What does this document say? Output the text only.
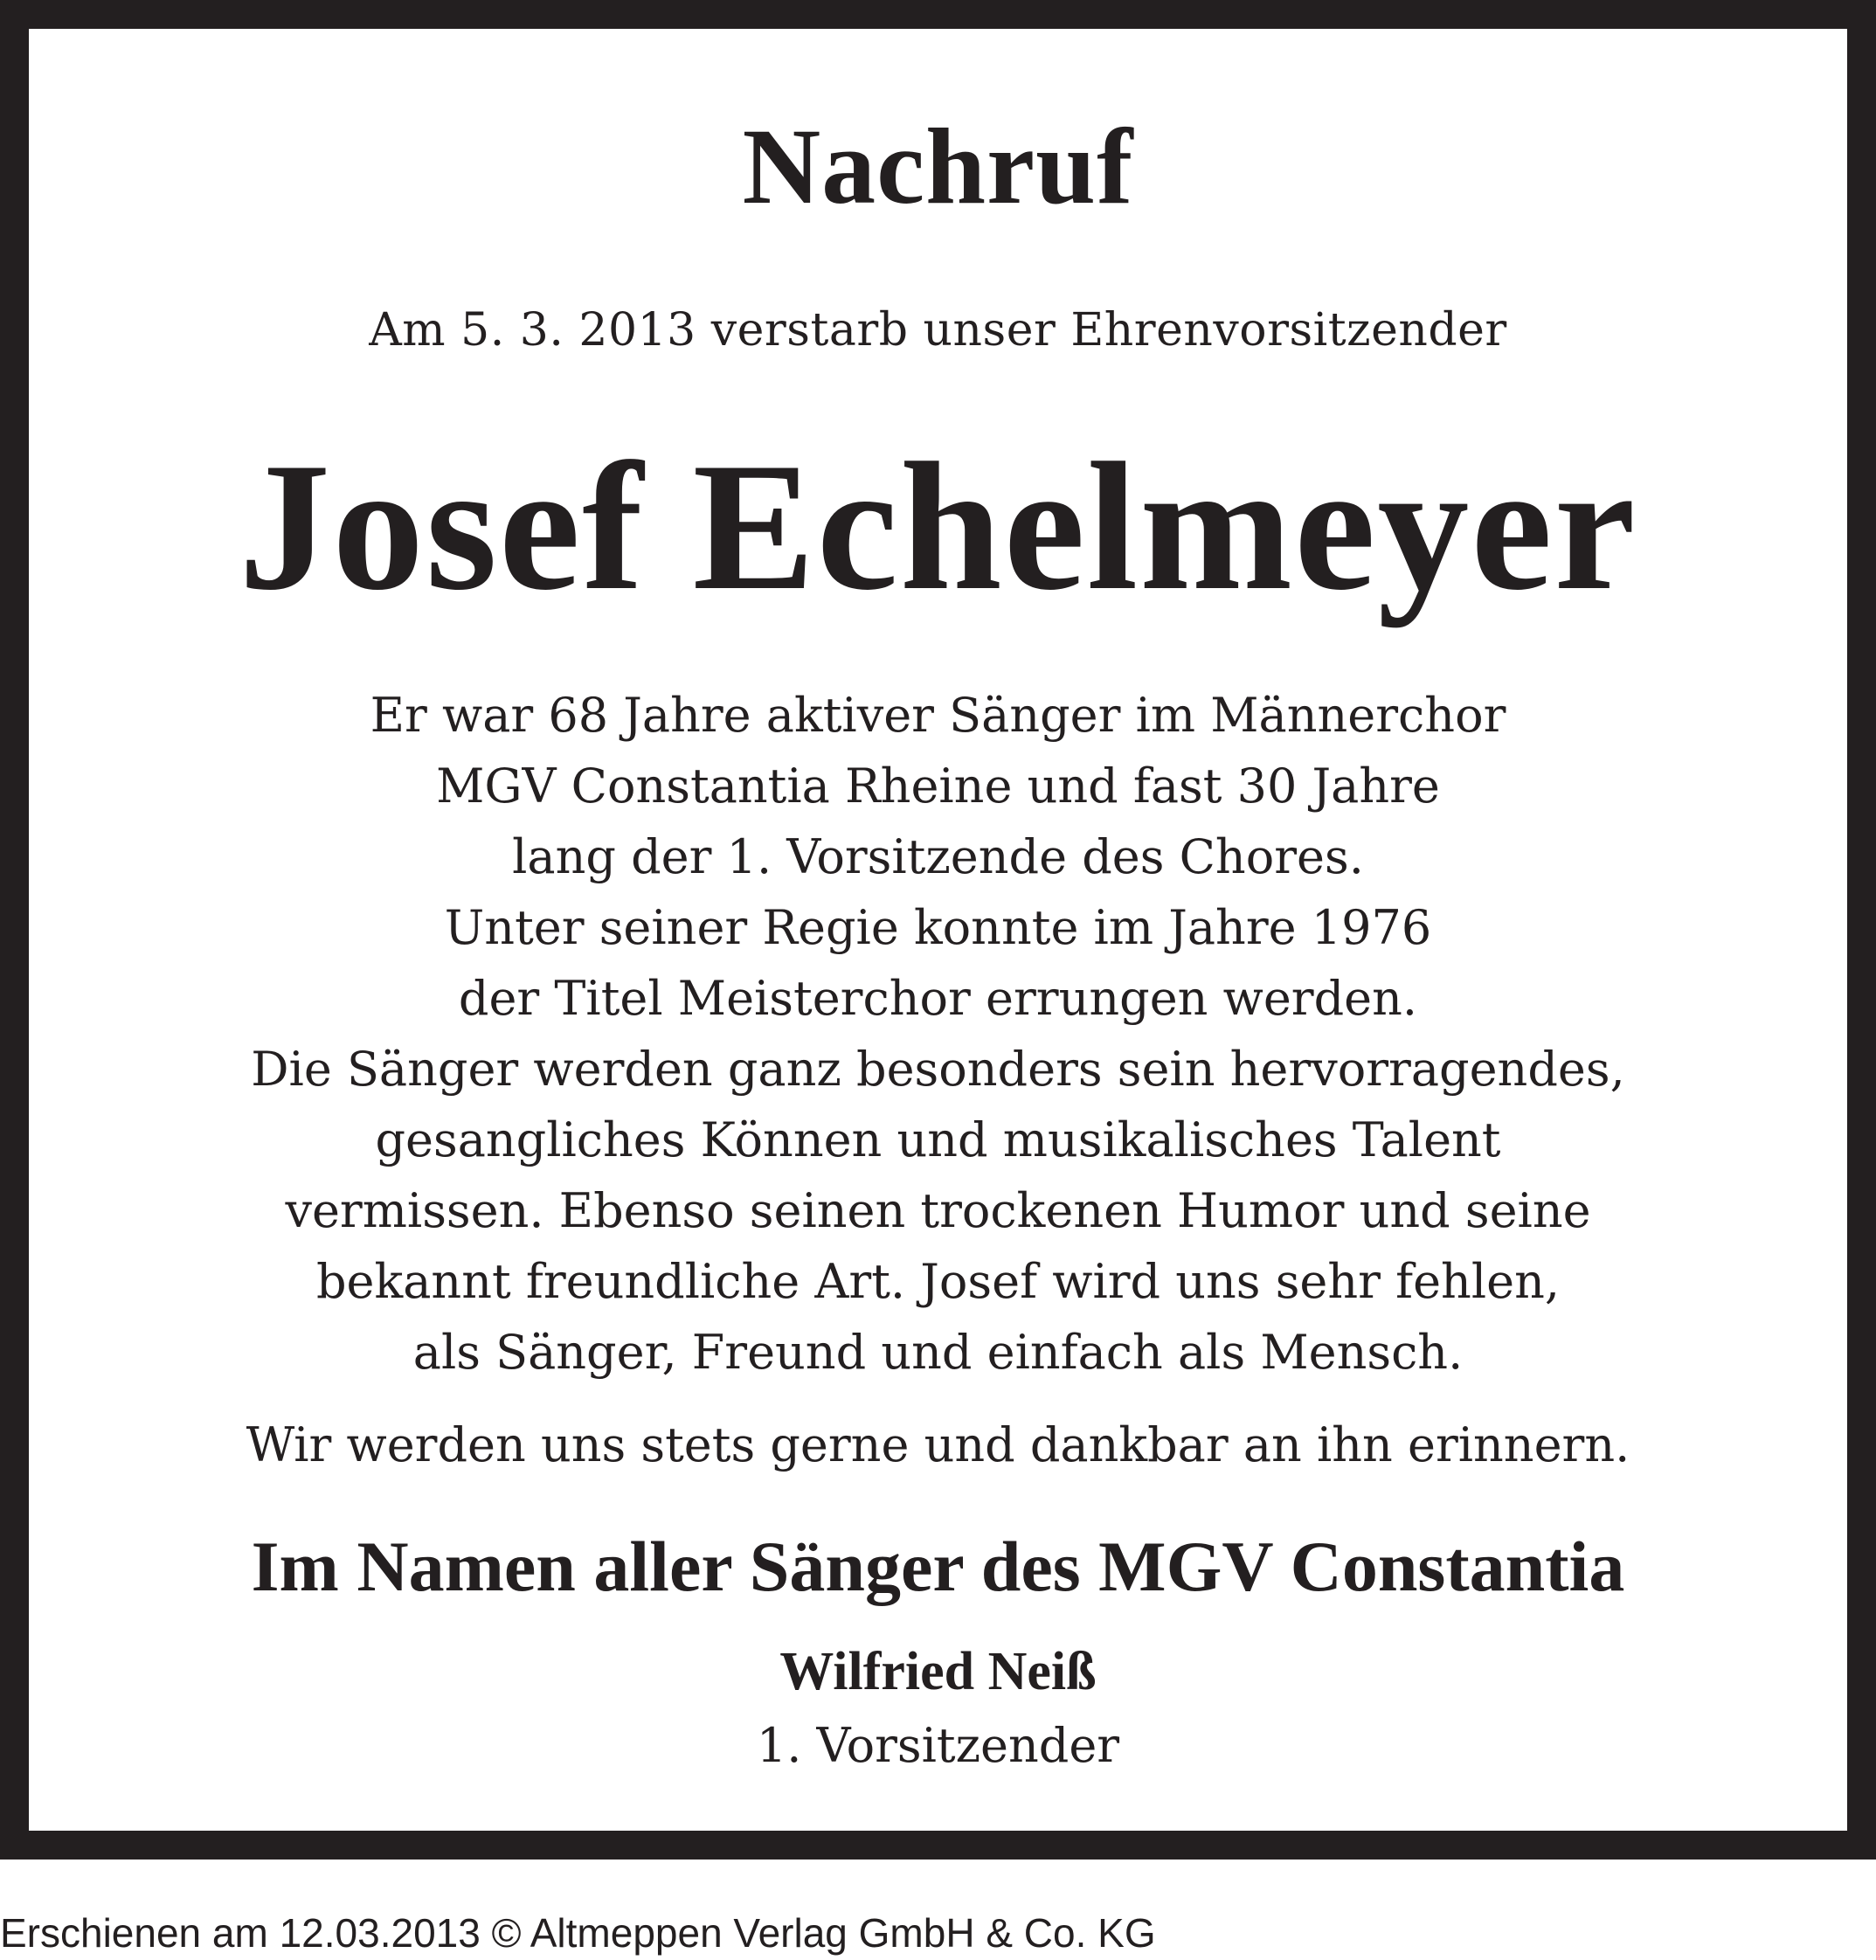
Nachruf
Am 5. 3. 2013 verstarb unser Ehrenvorsitzender
Josef Echelmeyer
Er war 68 Jahre aktiver Sänger im Männerchor
MGV Constantia Rheine und fast 30 Jahre
lang der 1. Vorsitzende des Chores.
Unter seiner Regie konnte im Jahre 1976
der Titel Meisterchor errungen werden.
Die Sänger werden ganz besonders sein hervorragendes,
gesangliches Können und musikalisches Talent
vermissen. Ebenso seinen trockenen Humor und seine
bekannt freundliche Art. Josef wird uns sehr fehlen,
als Sänger, Freund und einfach als Mensch.
Wir werden uns stets gerne und dankbar an ihn erinnern.
Im Namen aller Sänger des MGV Constantia
Wilfried Neiß
1. Vorsitzender
Erschienen am 12.03.2013 © Altmeppen Verlag GmbH & Co. KG
